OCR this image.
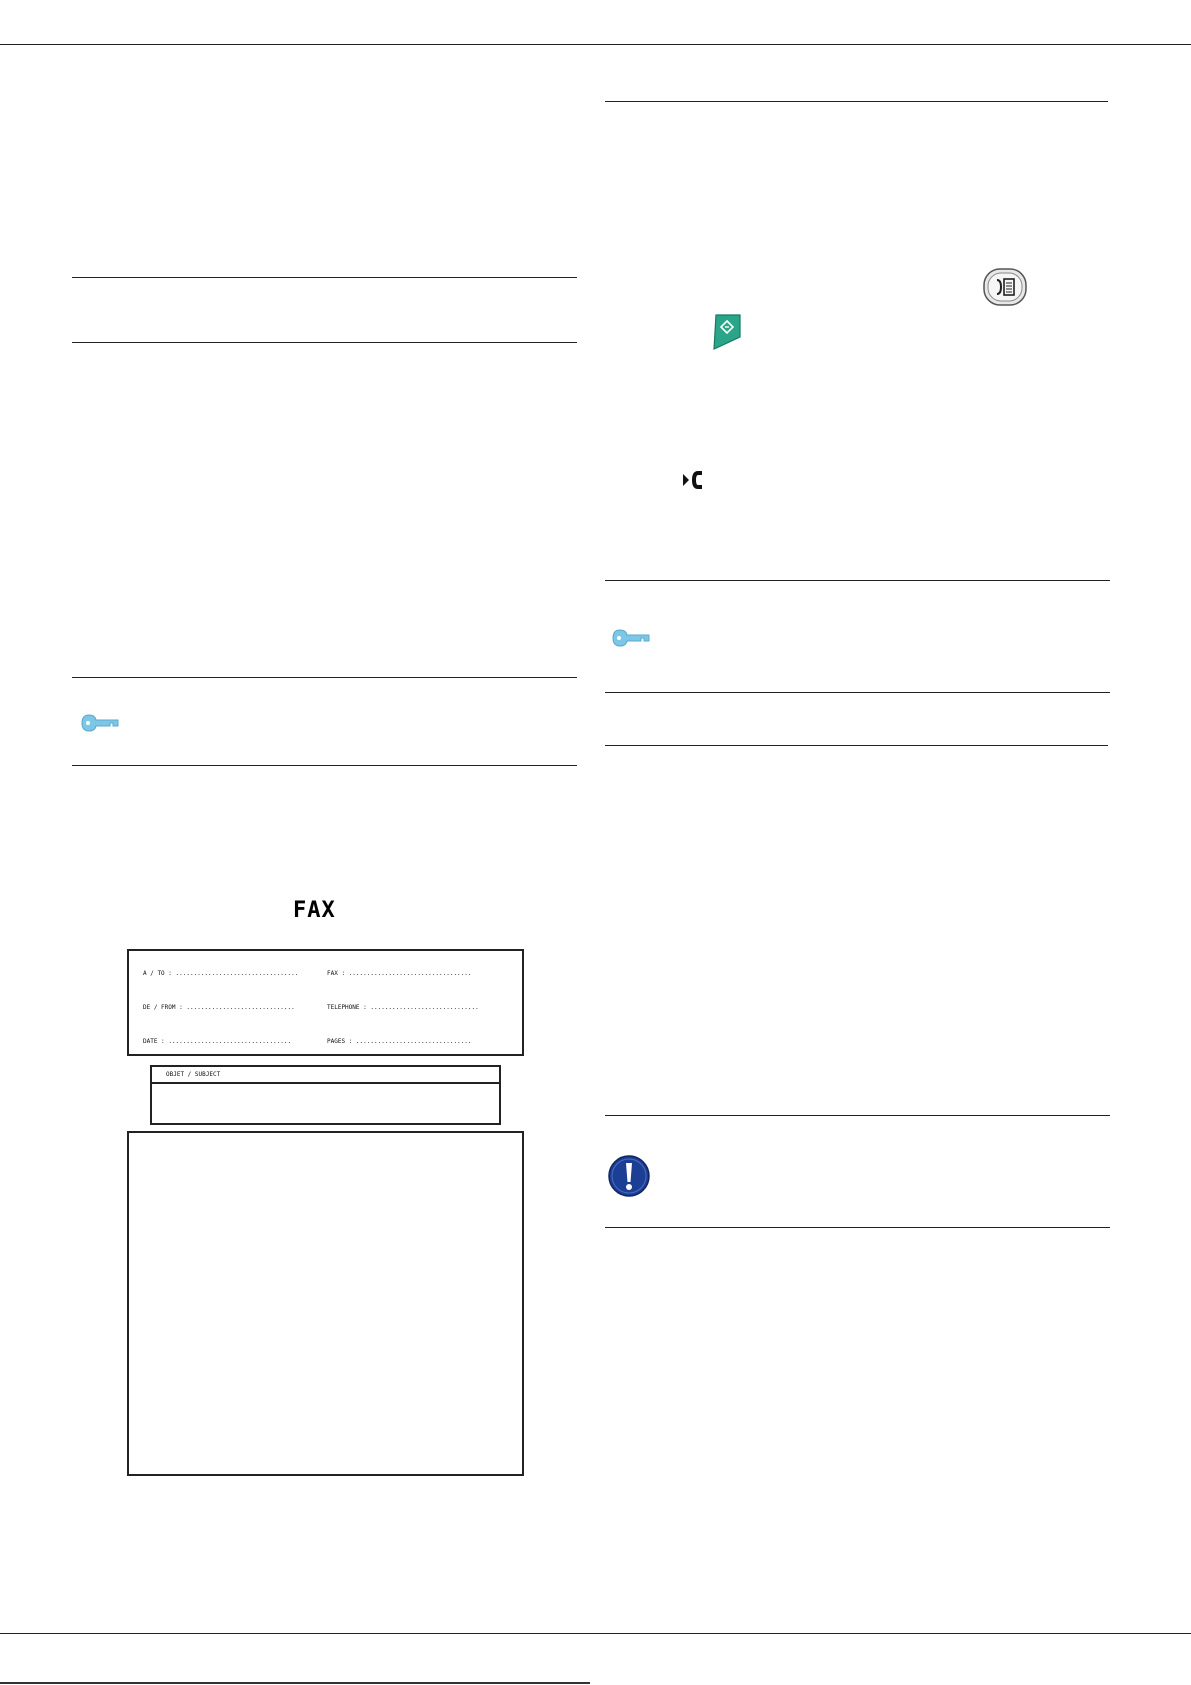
FAX
A / TO : ..................................	FAX : ..................................
DE / FROM : ..............................	TELEPHONE : ..............................
DATE : ..................................	PAGES : ................................
OBJET / SUBJECT
